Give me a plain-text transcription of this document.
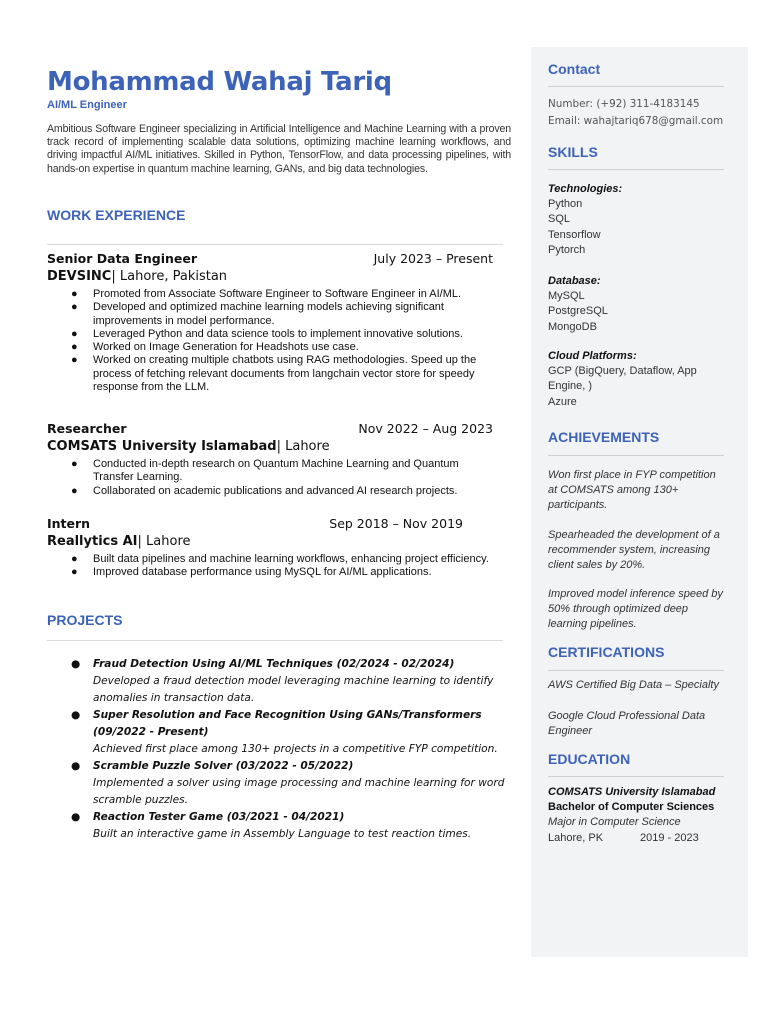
Mohammad Wahaj Tariq
AI/ML Engineer
Ambitious Software Engineer specializing in Artificial Intelligence and Machine Learning with a proven track record of implementing scalable data solutions, optimizing machine learning workflows, and driving impactful AI/ML initiatives. Skilled in Python, TensorFlow, and data processing pipelines, with hands-on expertise in quantum machine learning, GANs, and big data technologies.
WORK EXPERIENCE
Senior Data Engineer	July 2023 – Present
DEVSINC| Lahore, Pakistan
● Promoted from Associate Software Engineer to Software Engineer in AI/ML.
● Developed and optimized machine learning models achieving significant improvements in model performance.
● Leveraged Python and data science tools to implement innovative solutions.
● Worked on Image Generation for Headshots use case.
● Worked on creating multiple chatbots using RAG methodologies. Speed up the process of fetching relevant documents from langchain vector store for speedy response from the LLM.
Researcher	Nov 2022 – Aug 2023
COMSATS University Islamabad| Lahore
● Conducted in-depth research on Quantum Machine Learning and Quantum Transfer Learning.
● Collaborated on academic publications and advanced AI research projects.
Intern	Sep 2018 – Nov 2019
Reallytics AI| Lahore
● Built data pipelines and machine learning workflows, enhancing project efficiency.
● Improved database performance using MySQL for AI/ML applications.
PROJECTS
● Fraud Detection Using AI/ML Techniques (02/2024 - 02/2024)
Developed a fraud detection model leveraging machine learning to identify anomalies in transaction data.
● Super Resolution and Face Recognition Using GANs/Transformers (09/2022 - Present)
Achieved first place among 130+ projects in a competitive FYP competition.
● Scramble Puzzle Solver (03/2022 - 05/2022)
Implemented a solver using image processing and machine learning for word scramble puzzles.
● Reaction Tester Game (03/2021 - 04/2021)
Built an interactive game in Assembly Language to test reaction times.
Contact
Number: (+92) 311-4183145
Email: wahajtariq678@gmail.com
SKILLS
Technologies:
Python
SQL
Tensorflow
Pytorch
Database:
MySQL
PostgreSQL
MongoDB
Cloud Platforms:
GCP (BigQuery, Dataflow, App Engine, )
Azure
ACHIEVEMENTS
Won first place in FYP competition at COMSATS among 130+ participants.
Spearheaded the development of a recommender system, increasing client sales by 20%.
Improved model inference speed by 50% through optimized deep learning pipelines.
CERTIFICATIONS
AWS Certified Big Data – Specialty
Google Cloud Professional Data Engineer
EDUCATION
COMSATS University Islamabad
Bachelor of Computer Sciences
Major in Computer Science
Lahore, PK	2019 - 2023
